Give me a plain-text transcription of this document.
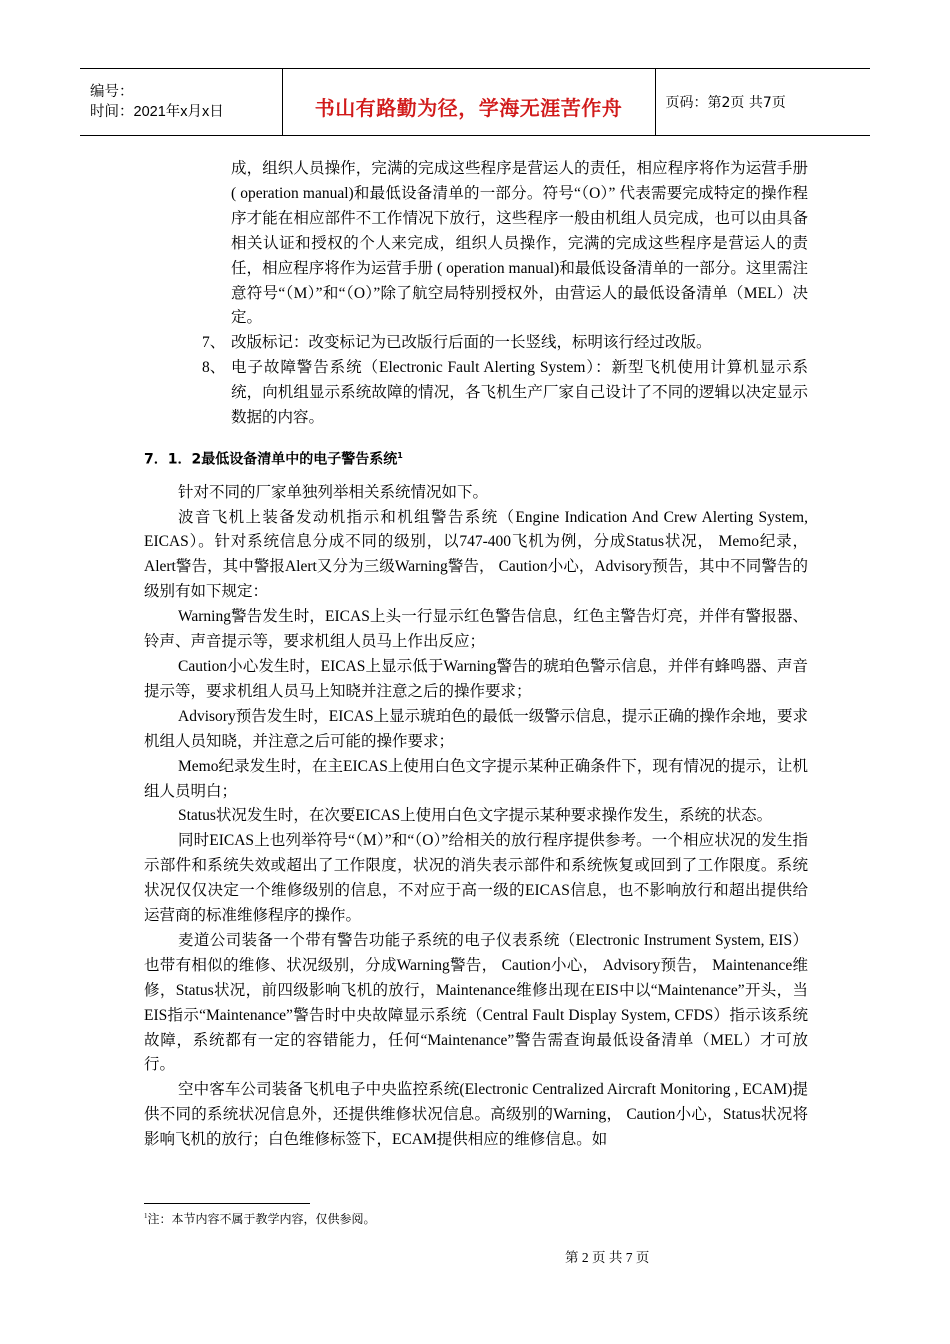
编号：
时间：2021年x月x日	书山有路勤为径，学海无涯苦作舟	页码：第2页 共7页
成，组织人员操作，完满的完成这些程序是营运人的责任，相应程序将作为运营手册 ( operation manual)和最低设备清单的一部分。符号“（O）” 代表需要完成特定的操作程序才能在相应部件不工作情况下放行，这些程序一般由机组人员完成，也可以由具备相关认证和授权的个人来完成，组织人员操作，完满的完成这些程序是营运人的责任，相应程序将作为运营手册 ( operation manual)和最低设备清单的一部分。这里需注意符号“（M）”和“（O）”除了航空局特别授权外，由营运人的最低设备清单（MEL）决定。
7、 改版标记：改变标记为已改版行后面的一长竖线，标明该行经过改版。
8、 电子故障警告系统（Electronic Fault Alerting System）：新型飞机使用计算机显示系统，向机组显示系统故障的情况，各飞机生产厂家自己设计了不同的逻辑以决定显示数据的内容。
7．1．2最低设备清单中的电子警告系统$^1$
针对不同的厂家单独列举相关系统情况如下。
波音飞机上装备发动机指示和机组警告系统（Engine Indication And Crew Alerting System, EICAS）。针对系统信息分成不同的级别，以747-400飞机为例，分成Status状况， Memo纪录，Alert警告，其中警报Alert又分为三级Warning警告， Caution小心，Advisory预告，其中不同警告的级别有如下规定：
Warning警告发生时，EICAS上头一行显示红色警告信息，红色主警告灯亮，并伴有警报器、铃声、声音提示等，要求机组人员马上作出反应；
Caution小心发生时，EICAS上显示低于Warning警告的琥珀色警示信息，并伴有蜂鸣器、声音提示等，要求机组人员马上知晓并注意之后的操作要求；
Advisory预告发生时，EICAS上显示琥珀色的最低一级警示信息，提示正确的操作余地，要求机组人员知晓，并注意之后可能的操作要求；
Memo纪录发生时，在主EICAS上使用白色文字提示某种正确条件下，现有情况的提示，让机组人员明白；
Status状况发生时，在次要EICAS上使用白色文字提示某种要求操作发生，系统的状态。
同时EICAS上也列举符号“（M）”和“（O）”给相关的放行程序提供参考。一个相应状况的发生指示部件和系统失效或超出了工作限度，状况的消失表示部件和系统恢复或回到了工作限度。系统状况仅仅决定一个维修级别的信息，不对应于高一级的EICAS信息，也不影响放行和超出提供给运营商的标准维修程序的操作。
麦道公司装备一个带有警告功能子系统的电子仪表系统（Electronic Instrument System, EIS）也带有相似的维修、状况级别，分成Warning警告， Caution小心， Advisory预告， Maintenance维修，Status状况，前四级影响飞机的放行，Maintenance维修出现在EIS中以“Maintenance”开头，当EIS指示“Maintenance”警告时中央故障显示系统（Central Fault Display System, CFDS）指示该系统故障，系统都有一定的容错能力，任何“Maintenance”警告需查询最低设备清单（MEL）才可放行。
空中客车公司装备飞机电子中央监控系统(Electronic Centralized Aircraft Monitoring , ECAM)提供不同的系统状况信息外，还提供维修状况信息。高级别的Warning， Caution小心，Status状况将影响飞机的放行；白色维修标签下，ECAM提供相应的维修信息。如
$^1$注：本节内容不属于教学内容，仅供参阅。
第 2 页 共 7 页
